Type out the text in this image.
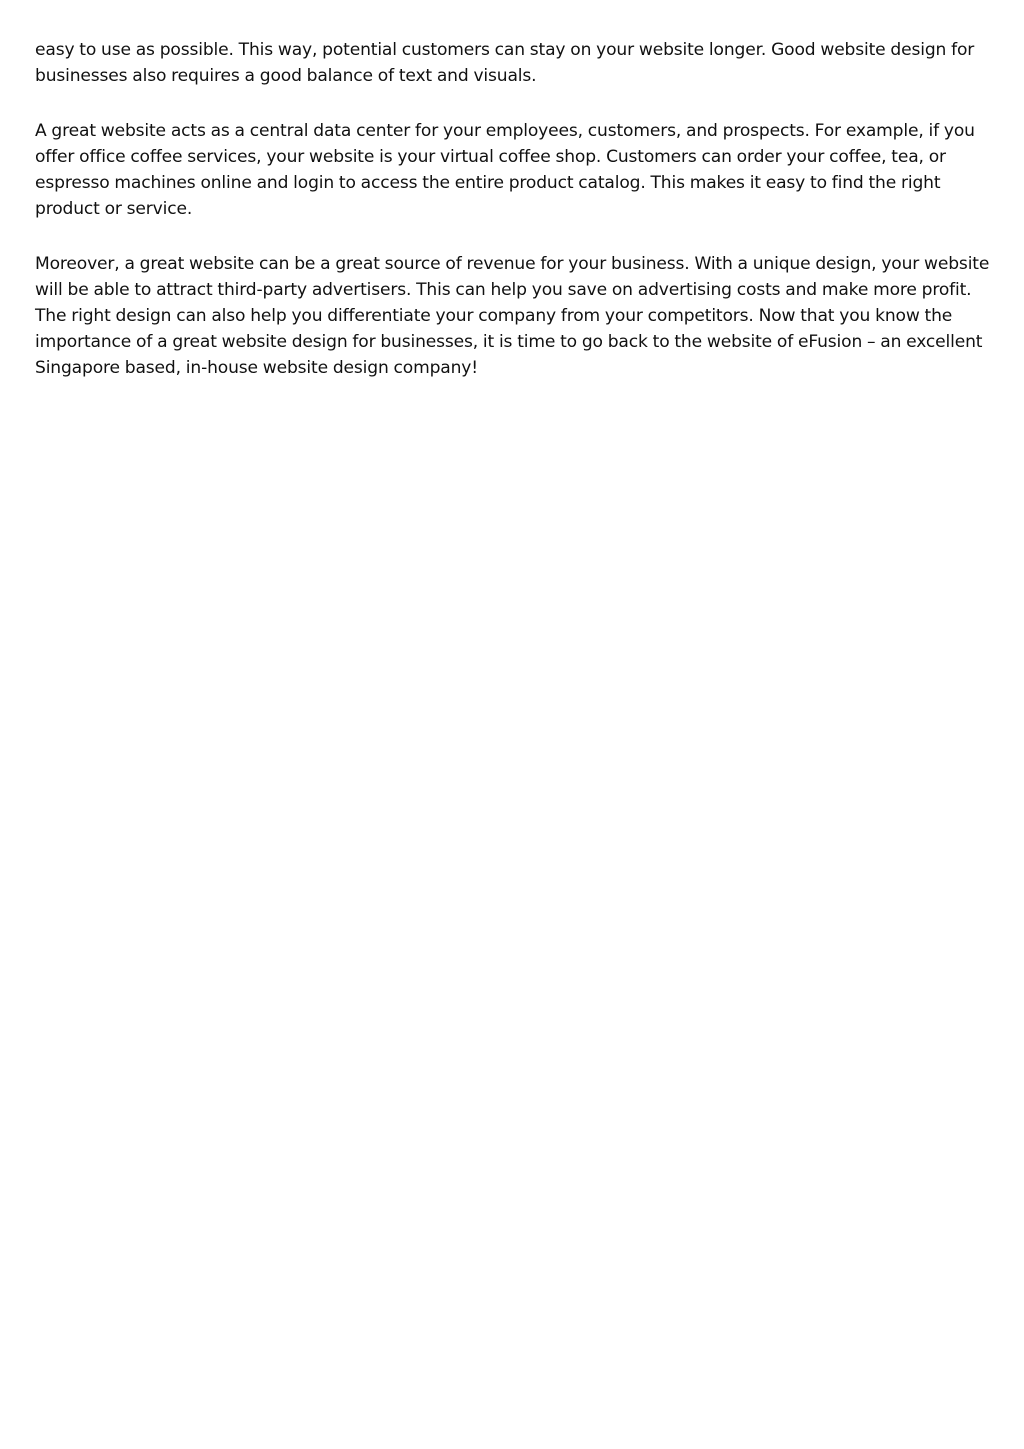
easy to use as possible. This way, potential customers can stay on your website longer. Good website design for businesses also requires a good balance of text and visuals.

A great website acts as a central data center for your employees, customers, and prospects. For example, if you offer office coffee services, your website is your virtual coffee shop. Customers can order your coffee, tea, or espresso machines online and login to access the entire product catalog. This makes it easy to find the right product or service.

Moreover, a great website can be a great source of revenue for your business. With a unique design, your website will be able to attract third-party advertisers. This can help you save on advertising costs and make more profit. The right design can also help you differentiate your company from your competitors. Now that you know the importance of a great website design for businesses, it is time to go back to the website of eFusion – an excellent Singapore based, in-house website design company!
